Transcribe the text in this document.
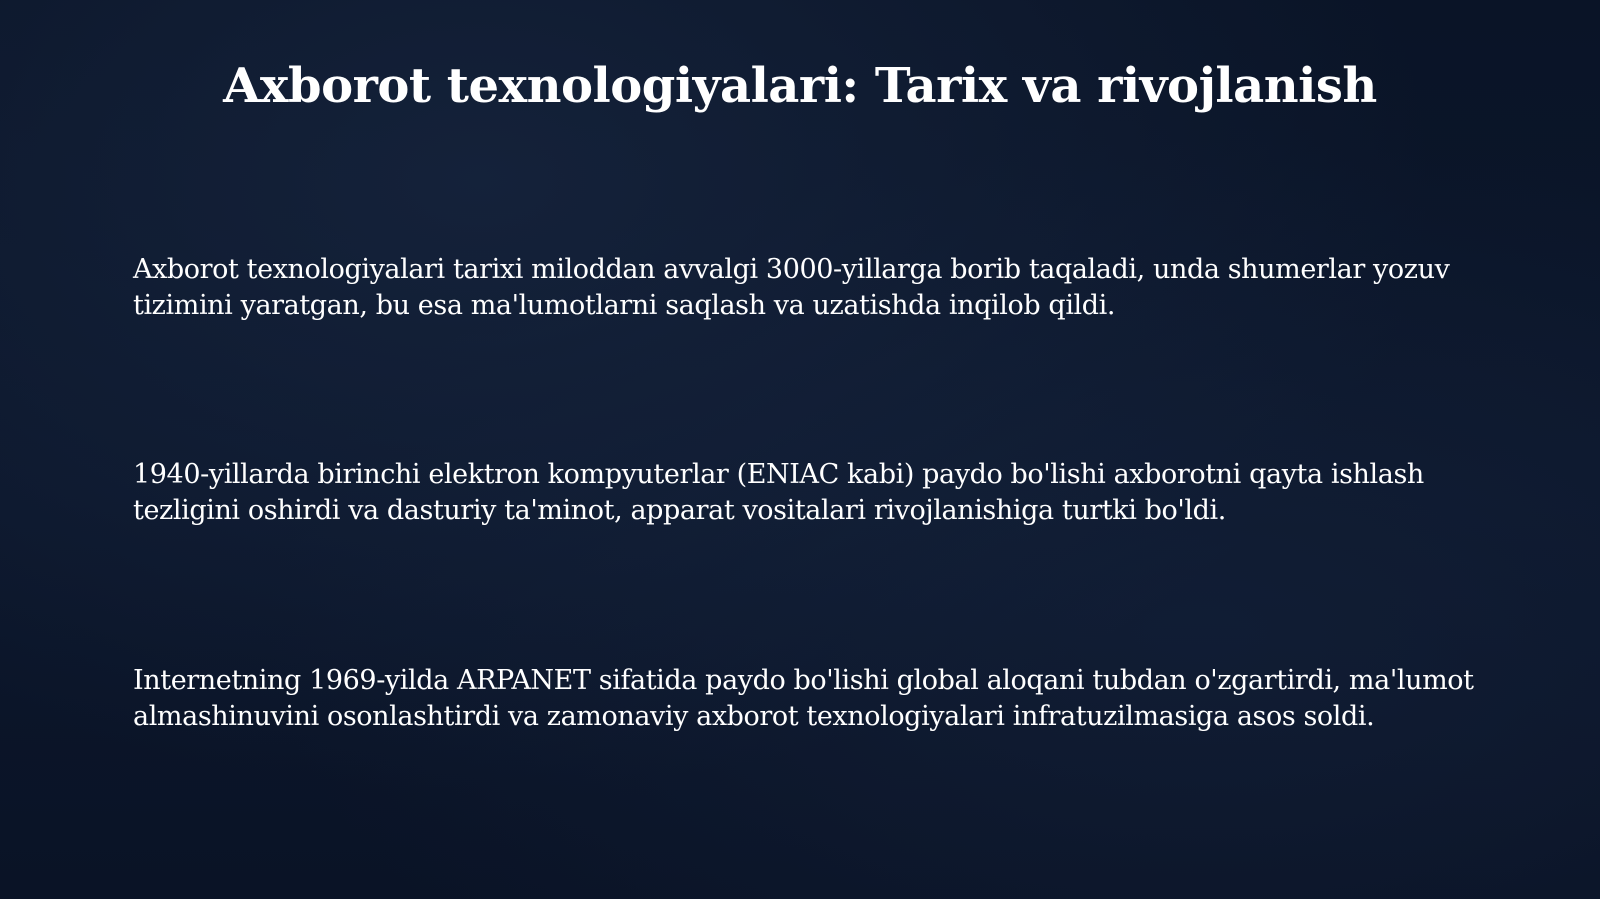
Axborot texnologiyalari: Tarix va rivojlanish

Axborot texnologiyalari tarixi miloddan avvalgi 3000-yillarga borib taqaladi, unda shumerlar yozuv tizimini yaratgan, bu esa ma'lumotlarni saqlash va uzatishda inqilob qildi.

1940-yillarda birinchi elektron kompyuterlar (ENIAC kabi) paydo bo'lishi axborotni qayta ishlash tezligini oshirdi va dasturiy ta'minot, apparat vositalari rivojlanishiga turtki bo'ldi.

Internetning 1969-yilda ARPANET sifatida paydo bo'lishi global aloqani tubdan o'zgartirdi, ma'lumot almashinuvini osonlashtirdi va zamonaviy axborot texnologiyalari infratuzilmasiga asos soldi.
